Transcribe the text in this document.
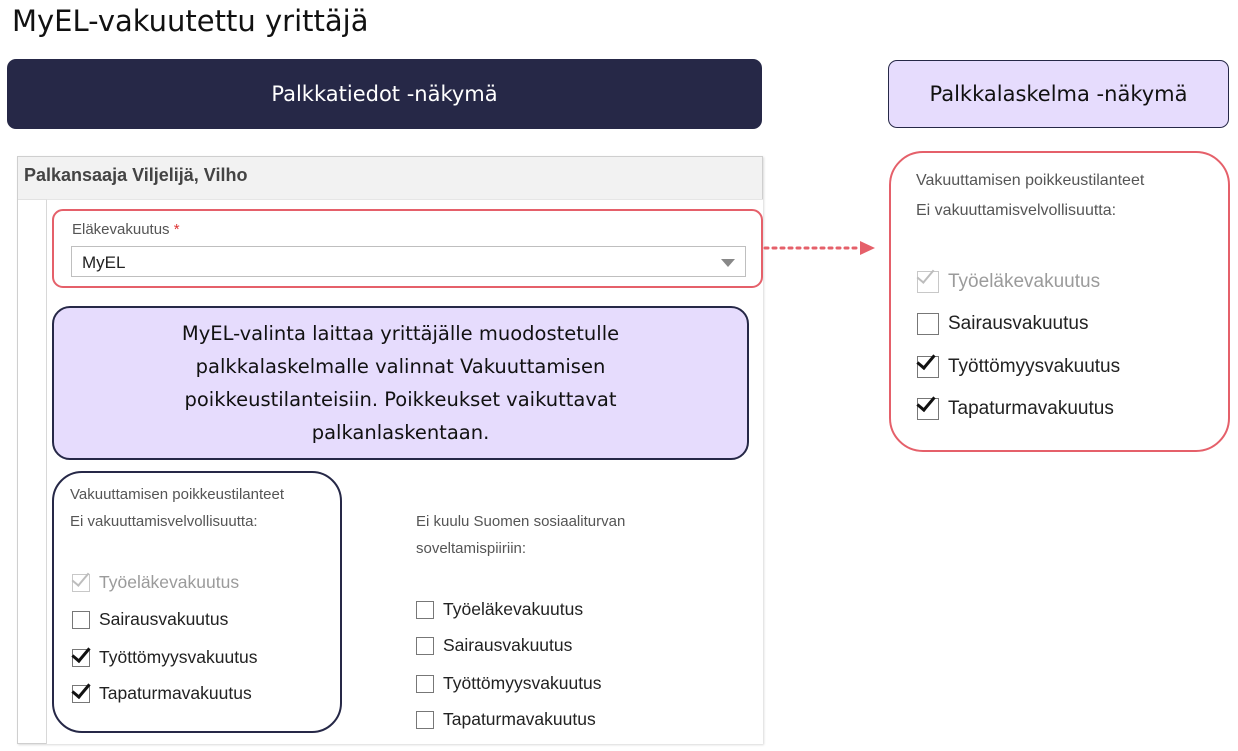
MyEL-vakuutettu yrittäjä
Palkkatiedot -näkymä	Palkkalaskelma -näkymä
Palkansaaja Viljelijä, Vilho
Eläkevakuutus *
MyEL
MyEL-valinta laittaa yrittäjälle muodostetulle palkkalaskelmalle valinnat Vakuuttamisen poikkeustilanteisiin. Poikkeukset vaikuttavat palkanlaskentaan.
Vakuuttamisen poikkeustilanteet
Ei vakuuttamisvelvollisuutta:
Työeläkevakuutus
Sairausvakuutus
Työttömyysvakuutus
Tapaturmavakuutus
Ei kuulu Suomen sosiaaliturvan
soveltamispiiriin:
Työeläkevakuutus
Sairausvakuutus
Työttömyysvakuutus
Tapaturmavakuutus
Vakuuttamisen poikkeustilanteet
Ei vakuuttamisvelvollisuutta:
Työeläkevakuutus
Sairausvakuutus
Työttömyysvakuutus
Tapaturmavakuutus
